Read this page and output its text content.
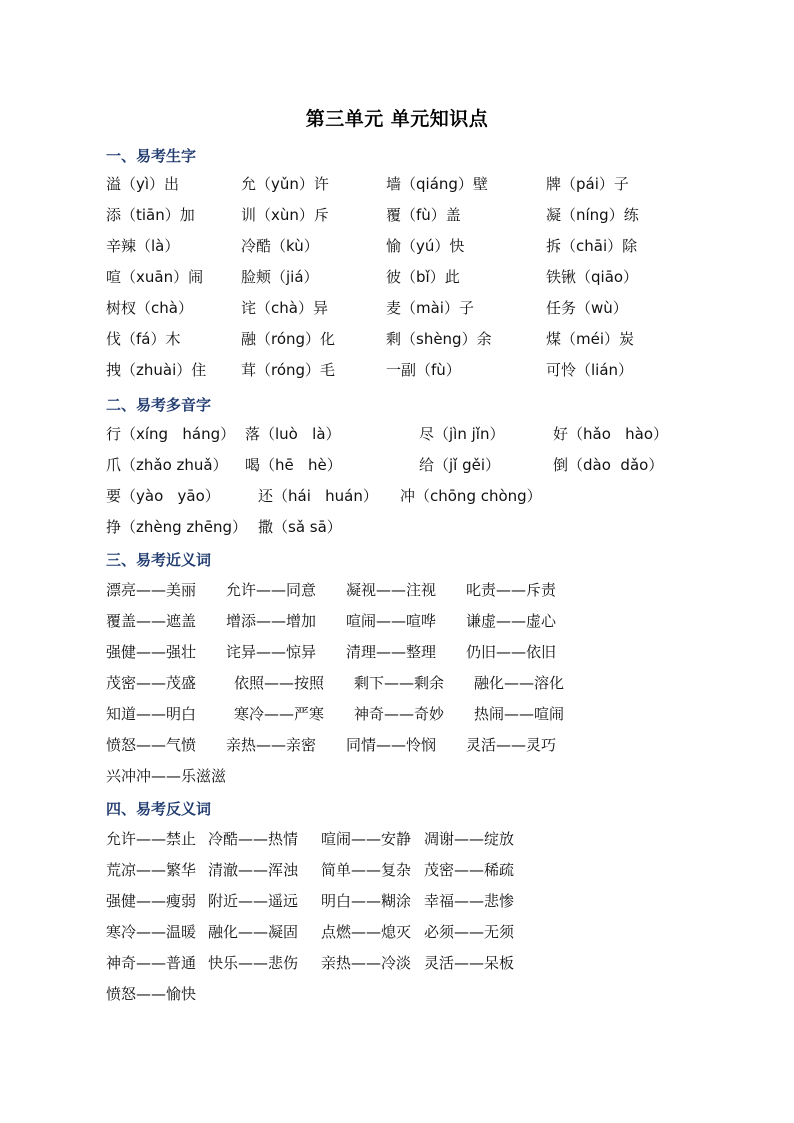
第三单元 单元知识点
一、易考生字
溢（yì）出	允（yǔn）许	墙（qiáng）壁	牌（pái）子
添（tiān）加	训（xùn）斥	覆（fù）盖	凝（níng）练
辛辣（là）	冷酷（kù）	愉（yú）快	拆（chāi）除
喧（xuān）闹	脸颊（jiá）	彼（bǐ）此	铁锹（qiāo）
树杈（chà）	诧（chà）异	麦（mài）子	任务（wù）
伐（fá）木	融（róng）化	剩（shèng）余	煤（méi）炭
拽（zhuài）住 茸（róng）毛	一副（fù）	可怜（lián）
二、易考多音字
行（xíng   háng） 落（luò   là）	尽（jìn jǐn）	好（hǎo   hào）
爪（zhǎo zhuǎ） 喝（hē   hè）	给（jǐ gěi）	倒（dào  dǎo）
要（yào   yāo）	还（hái   huán） 冲（chōng chòng）
挣（zhèng zhēng） 撒（sǎ sā）
三、易考近义词
漂亮——美丽 允许——同意 凝视——注视 叱责——斥责
覆盖——遮盖 增添——增加 喧闹——喧哗 谦虚——虚心
强健——强壮 诧异——惊异 清理——整理 仍旧——依旧
茂密——茂盛	依照——按照 剩下——剩余 融化——溶化
知道——明白	寒冷——严寒 神奇——奇妙 热闹——喧闹
愤怒——气愤 亲热——亲密 同情——怜悯 灵活——灵巧
兴冲冲——乐滋滋
四、易考反义词
允许——禁止 冷酷——热情 喧闹——安静 凋谢——绽放
荒凉——繁华 清澈——浑浊 简单——复杂 茂密——稀疏
强健——瘦弱 附近——遥远 明白——糊涂 幸福——悲惨
寒冷——温暖 融化——凝固 点燃——熄灭 必须——无须
神奇——普通 快乐——悲伤 亲热——冷淡 灵活——呆板
愤怒——愉快
